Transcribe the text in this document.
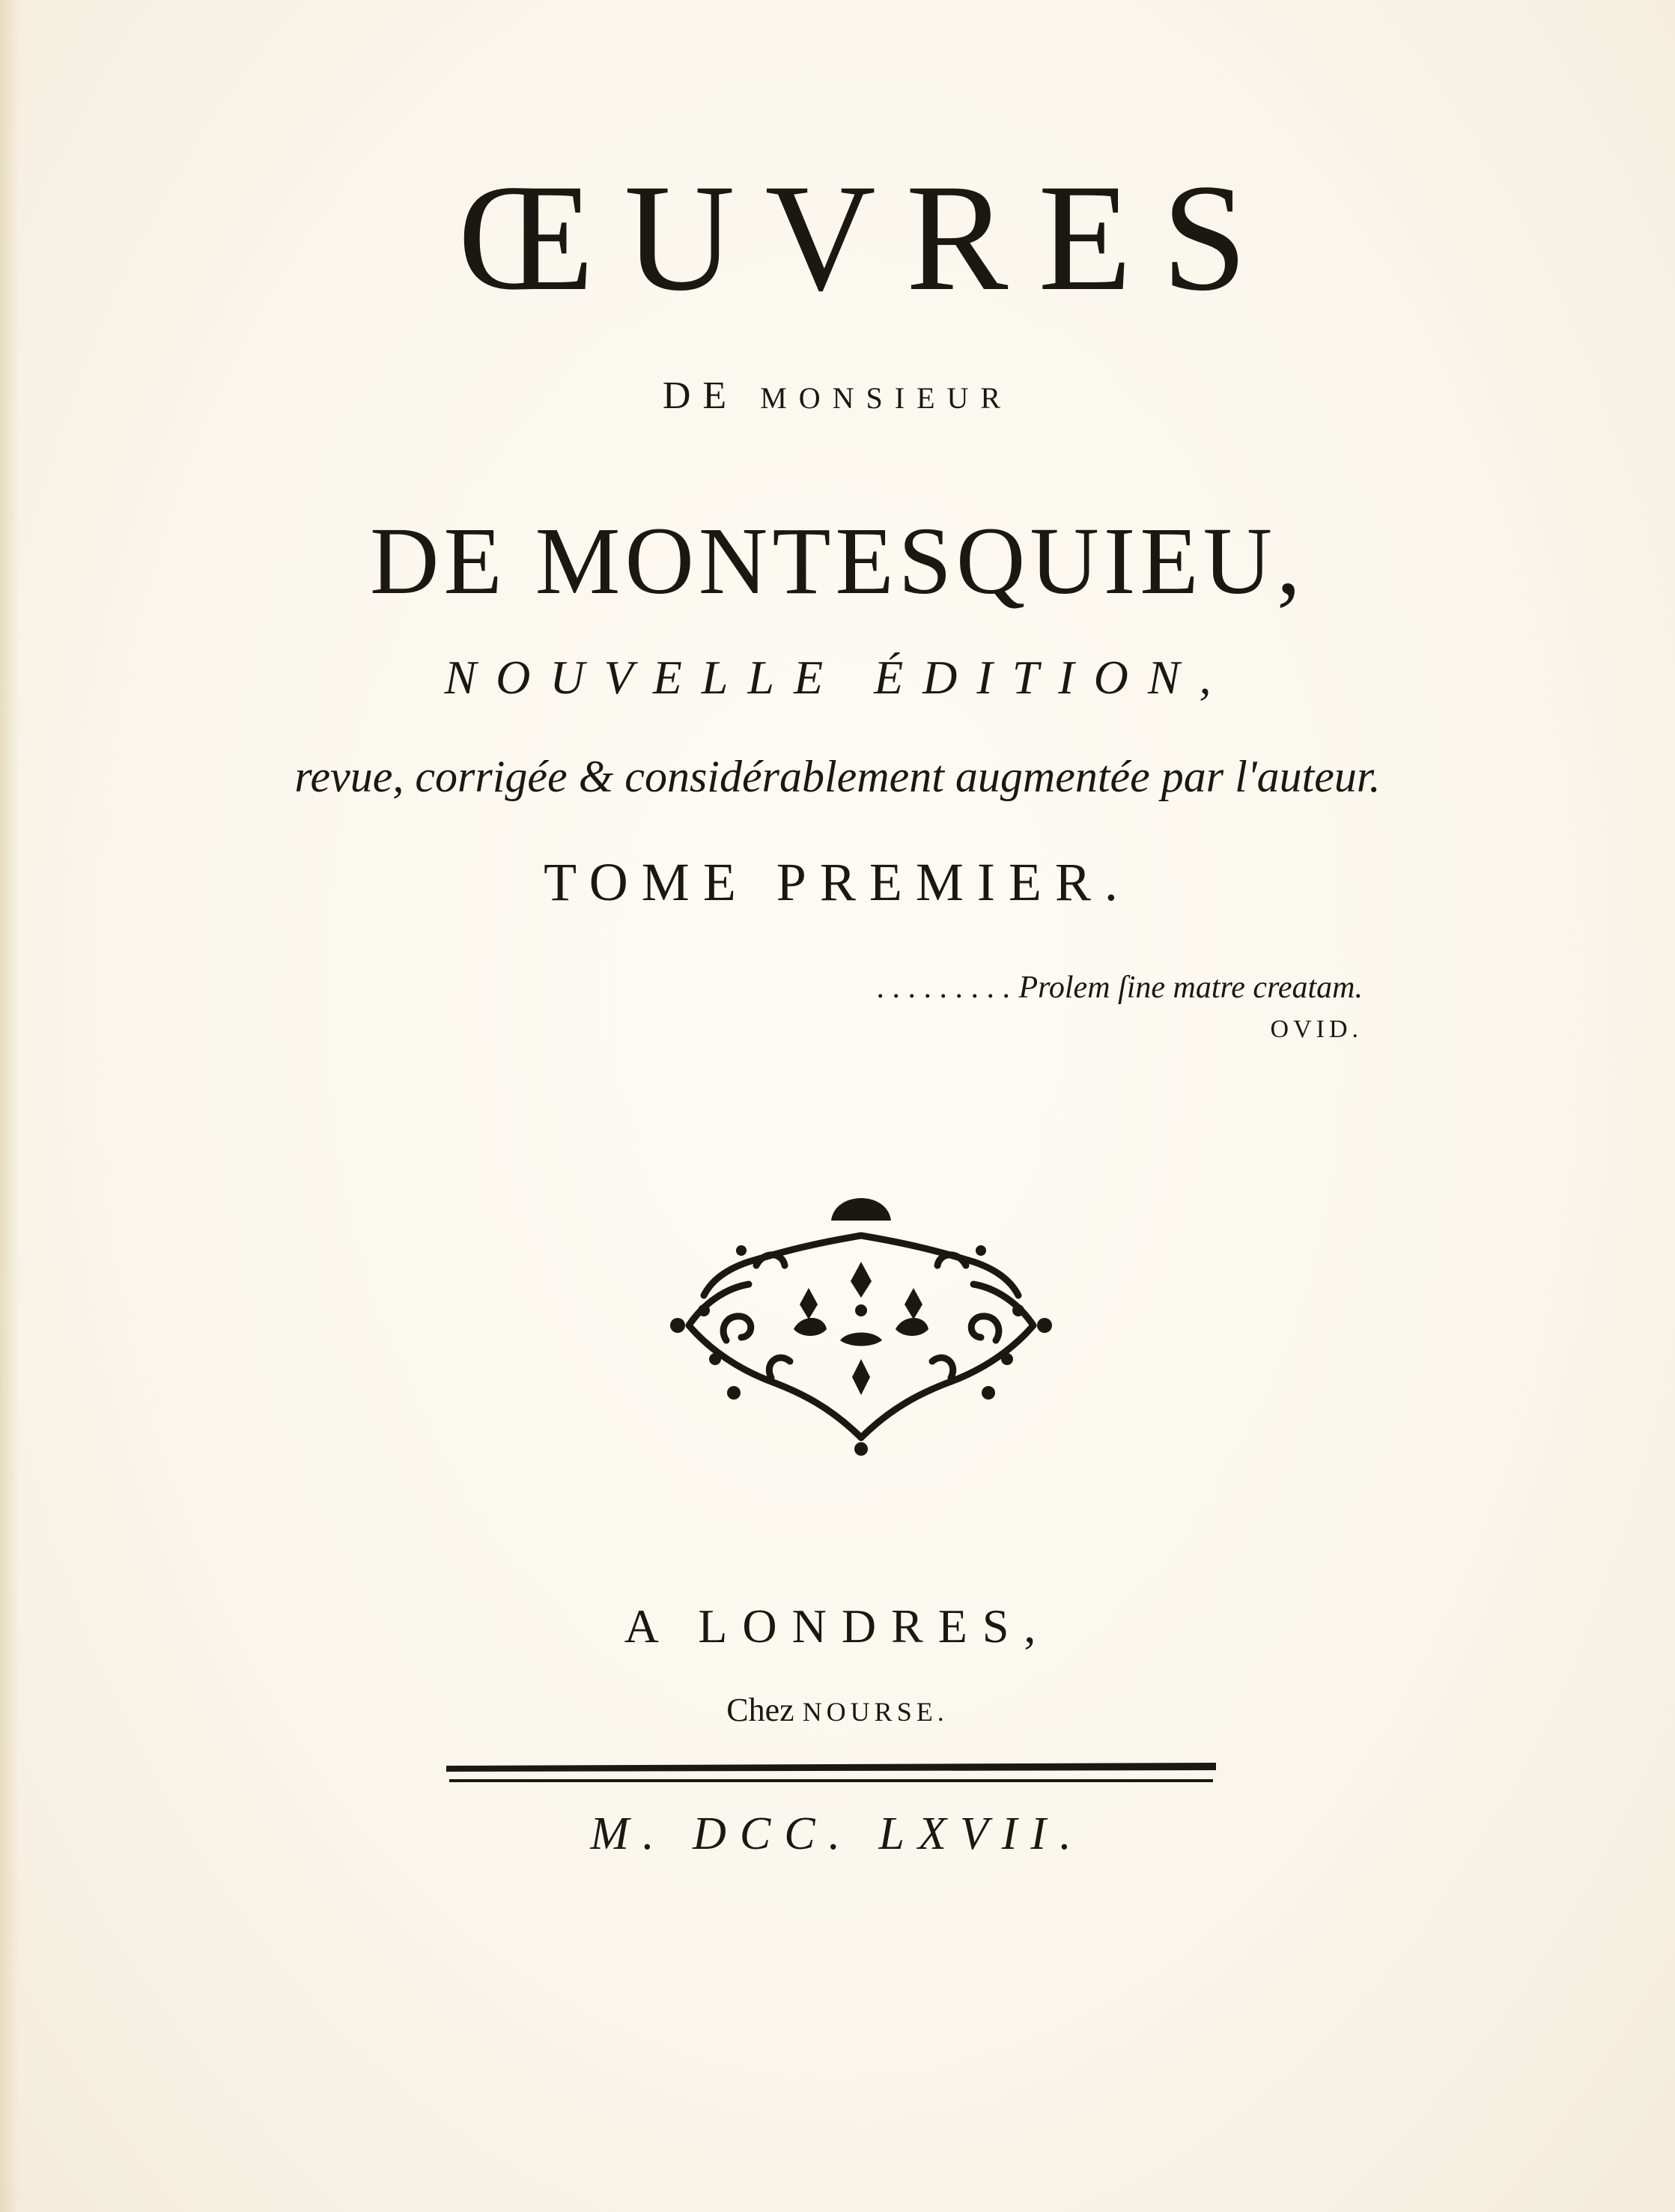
ŒUVRES
DE MONSIEUR
DE MONTESQUIEU,
NOUVELLE ÉDITION,
revue, corrigée & considérablement augmentée par l'auteur.
TOME PREMIER.
. . . . . . . . . Prolem ſine matre creatam.
OVID.
A LONDRES,
Chez NOURSE.
M. DCC. LXVII.
